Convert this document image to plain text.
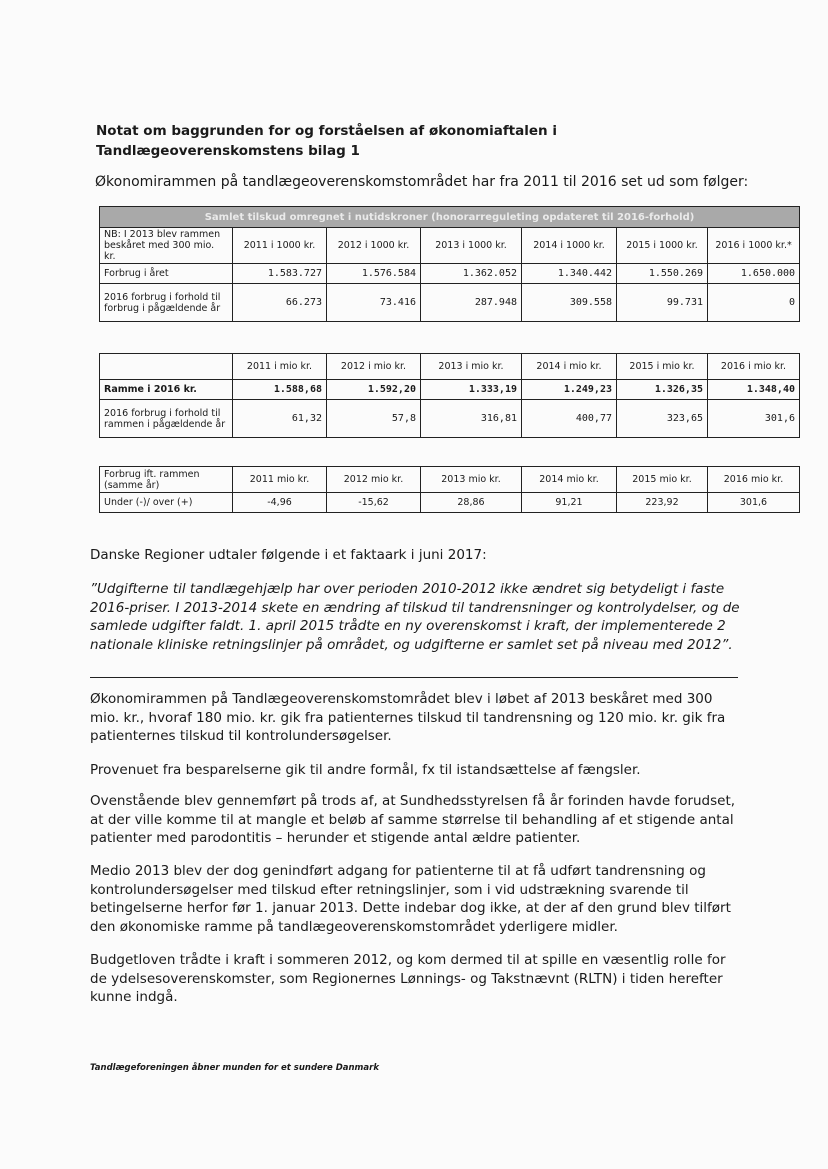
Notat om baggrunden for og forståelsen af økonomiaftalen i Tandlægeoverenskomstens bilag 1
Økonomirammen på tandlægeoverenskomstområdet har fra 2011 til 2016 set ud som følger:
Samlet tilskud omregnet i nutidskroner (honorarreguleting opdateret til 2016-forhold)						
NB: I 2013 blev rammen beskåret med 300 mio. kr.	2011 i 1000 kr.	2012 i 1000 kr.	2013 i 1000 kr.	2014 i 1000 kr.	2015 i 1000 kr.	2016 i 1000 kr.*
Forbrug i året	1.583.727	1.576.584	1.362.052	1.340.442	1.550.269	1.650.000
2016 forbrug i forhold til forbrug i pågældende år	66.273	73.416	287.948	309.558	99.731	0
	2011 i mio kr.	2012 i mio kr.	2013 i mio kr.	2014 i mio kr.	2015 i mio kr.	2016 i mio kr.
Ramme i 2016 kr.	1.588,68	1.592,20	1.333,19	1.249,23	1.326,35	1.348,40
2016 forbrug i forhold til rammen i pågældende år	61,32	57,8	316,81	400,77	323,65	301,6
Forbrug ift. rammen (samme år)	2011 mio kr.	2012 mio kr.	2013 mio kr.	2014 mio kr.	2015 mio kr.	2016 mio kr.
Under (-)/ over (+)	-4,96	-15,62	28,86	91,21	223,92	301,6
Danske Regioner udtaler følgende i et faktaark i juni 2017:
”Udgifterne til tandlægehjælp har over perioden 2010-2012 ikke ændret sig betydeligt i faste 2016-priser. I 2013-2014 skete en ændring af tilskud til tandrensninger og kontrolydelser, og de samlede udgifter faldt. 1. april 2015 trådte en ny overenskomst i kraft, der implementerede 2 nationale kliniske retningslinjer på området, og udgifterne er samlet set på niveau med 2012”.
Økonomirammen på Tandlægeoverenskomstområdet blev i løbet af 2013 beskåret med 300 mio. kr., hvoraf 180 mio. kr. gik fra patienternes tilskud til tandrensning og 120 mio. kr. gik fra patienternes tilskud til kontrolundersøgelser.
Provenuet fra besparelserne gik til andre formål, fx til istandsættelse af fængsler.
Ovenstående blev gennemført på trods af, at Sundhedsstyrelsen få år forinden havde forudset, at der ville komme til at mangle et beløb af samme størrelse til behandling af et stigende antal patienter med parodontitis – herunder et stigende antal ældre patienter.
Medio 2013 blev der dog genindført adgang for patienterne til at få udført tandrensning og kontrolundersøgelser med tilskud efter retningslinjer, som i vid udstrækning svarende til betingelserne herfor før 1. januar 2013. Dette indebar dog ikke, at der af den grund blev tilført den økonomiske ramme på tandlægeoverenskomstområdet yderligere midler.
Budgetloven trådte i kraft i sommeren 2012, og kom dermed til at spille en væsentlig rolle for de ydelsesoverenskomster, som Regionernes Lønnings- og Takstnævnt (RLTN) i tiden herefter kunne indgå.
Tandlægeforeningen åbner munden for et sundere Danmark
